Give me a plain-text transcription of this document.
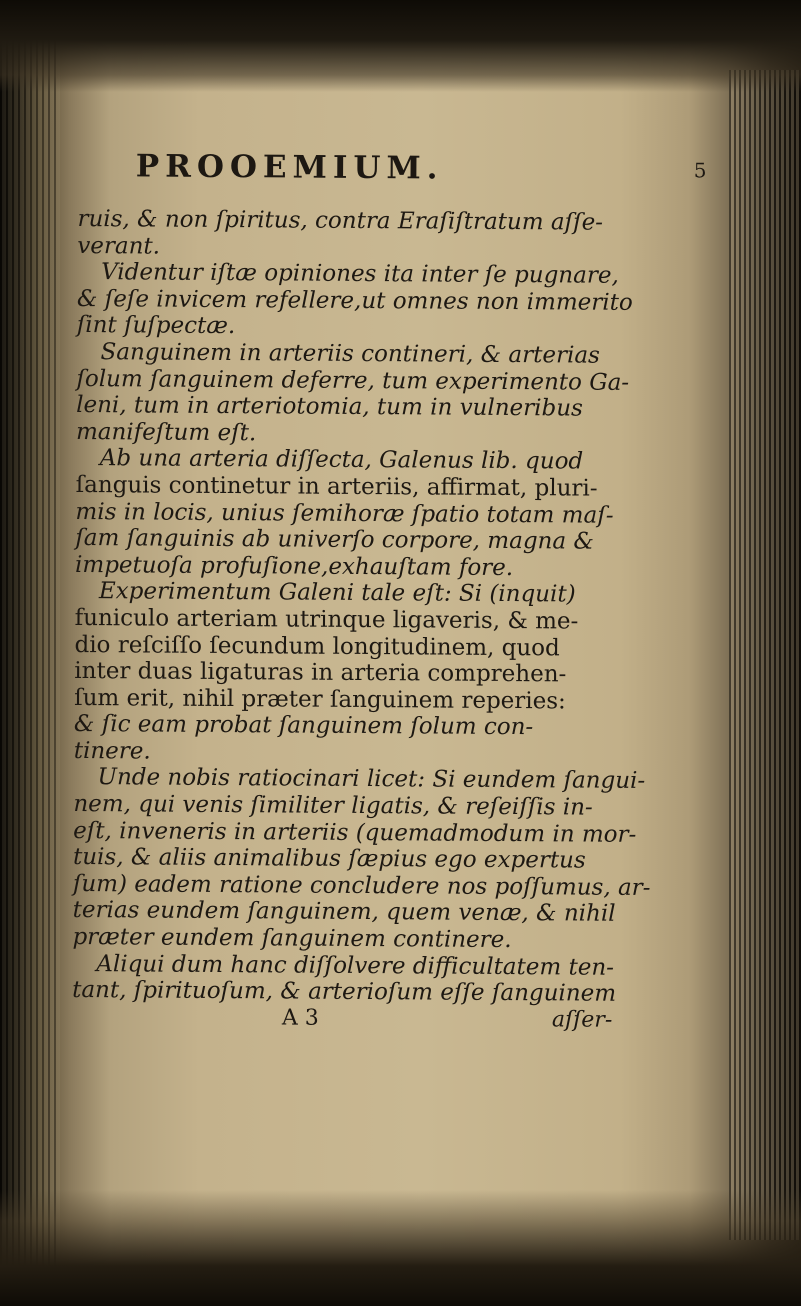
PROOEMIUM.	5
ruis, & non ſpiritus, contra Eraſiſtratum aſſe-
verant.
Videntur iſtæ opiniones ita inter ſe pugnare,
& ſeſe invicem refellere,ut omnes non immerito
ſint ſuſpectæ.
Sanguinem in arteriis contineri, & arterias
ſolum ſanguinem deferre, tum experimento Ga-
leni, tum in arteriotomia, tum in vulneribus
manifeſtum eſt.
Ab una arteria diſſecta, Galenus lib. quod
ſanguis continetur in arteriis, affirmat, pluri-
mis in locis, unius ſemihoræ ſpatio totam maſ-
ſam ſanguinis ab univerſo corpore, magna &
impetuoſa profuſione,exhauſtam fore.
Experimentum Galeni tale eſt: Si (inquit)
funiculo arteriam utrinque ligaveris, & me-
dio reſciſſo ſecundum longitudinem, quod
inter duas ligaturas in arteria comprehen-
ſum erit, nihil præter ſanguinem reperies:
& ſic eam probat ſanguinem ſolum con-
tinere.
Unde nobis ratiocinari licet: Si eundem ſangui-
nem, qui venis ſimiliter ligatis, & reſeiſſis in-
eſt, inveneris in arteriis (quemadmodum in mor-
tuis, & aliis animalibus ſæpius ego expertus
ſum) eadem ratione concludere nos poſſumus, ar-
terias eundem ſanguinem, quem venæ, & nihil
præter eundem ſanguinem continere.
Aliqui dum hanc diſſolvere difficultatem ten-
tant, ſpirituoſum, & arterioſum eſſe ſanguinem
A 3	aſſer-
